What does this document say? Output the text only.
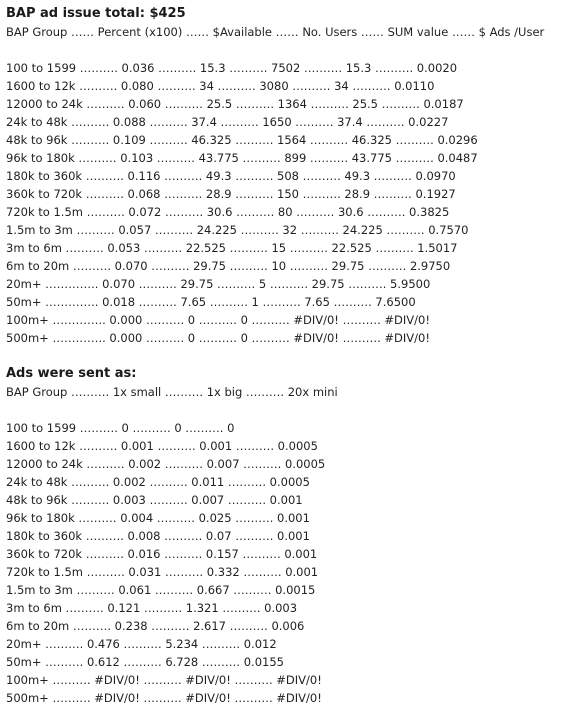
BAP ad issue total: $425
BAP Group …… Percent (x100) …… $Available …… No. Users …… SUM value …… $ Ads /User
100 to 1599 ………. 0.036 ………. 15.3 ………. 7502 ………. 15.3 ………. 0.0020
1600 to 12k ………. 0.080 ………. 34 ………. 3080 ………. 34 ………. 0.0110
12000 to 24k ………. 0.060 ………. 25.5 ………. 1364 ………. 25.5 ………. 0.0187
24k to 48k ………. 0.088 ………. 37.4 ………. 1650 ………. 37.4 ………. 0.0227
48k to 96k ………. 0.109 ………. 46.325 ………. 1564 ………. 46.325 ………. 0.0296
96k to 180k ………. 0.103 ………. 43.775 ………. 899 ………. 43.775 ………. 0.0487
180k to 360k ………. 0.116 ………. 49.3 ………. 508 ………. 49.3 ………. 0.0970
360k to 720k ………. 0.068 ………. 28.9 ………. 150 ………. 28.9 ………. 0.1927
720k to 1.5m ………. 0.072 ………. 30.6 ………. 80 ………. 30.6 ………. 0.3825
1.5m to 3m ………. 0.057 ………. 24.225 ………. 32 ………. 24.225 ………. 0.7570
3m to 6m ………. 0.053 ………. 22.525 ………. 15 ………. 22.525 ………. 1.5017
6m to 20m ………. 0.070 ………. 29.75 ………. 10 ………. 29.75 ………. 2.9750
20m+ ………….. 0.070 ………. 29.75 ………. 5 ………. 29.75 ………. 5.9500
50m+ ………….. 0.018 ………. 7.65 ………. 1 ………. 7.65 ………. 7.6500
100m+ ………….. 0.000 ………. 0 ………. 0 ………. #DIV/0! ………. #DIV/0!
500m+ ………….. 0.000 ………. 0 ………. 0 ………. #DIV/0! ………. #DIV/0!
Ads were sent as:
BAP Group ………. 1x small ………. 1x big ………. 20x mini
100 to 1599 ………. 0 ………. 0 ………. 0
1600 to 12k ………. 0.001 ………. 0.001 ………. 0.0005
12000 to 24k ………. 0.002 ………. 0.007 ………. 0.0005
24k to 48k ………. 0.002 ………. 0.011 ………. 0.0005
48k to 96k ………. 0.003 ………. 0.007 ………. 0.001
96k to 180k ………. 0.004 ………. 0.025 ………. 0.001
180k to 360k ………. 0.008 ………. 0.07 ………. 0.001
360k to 720k ………. 0.016 ………. 0.157 ………. 0.001
720k to 1.5m ………. 0.031 ………. 0.332 ………. 0.001
1.5m to 3m ………. 0.061 ………. 0.667 ………. 0.0015
3m to 6m ………. 0.121 ………. 1.321 ………. 0.003
6m to 20m ………. 0.238 ………. 2.617 ………. 0.006
20m+ ………. 0.476 ………. 5.234 ………. 0.012
50m+ ………. 0.612 ………. 6.728 ………. 0.0155
100m+ ………. #DIV/0! ………. #DIV/0! ………. #DIV/0!
500m+ ………. #DIV/0! ………. #DIV/0! ………. #DIV/0!
